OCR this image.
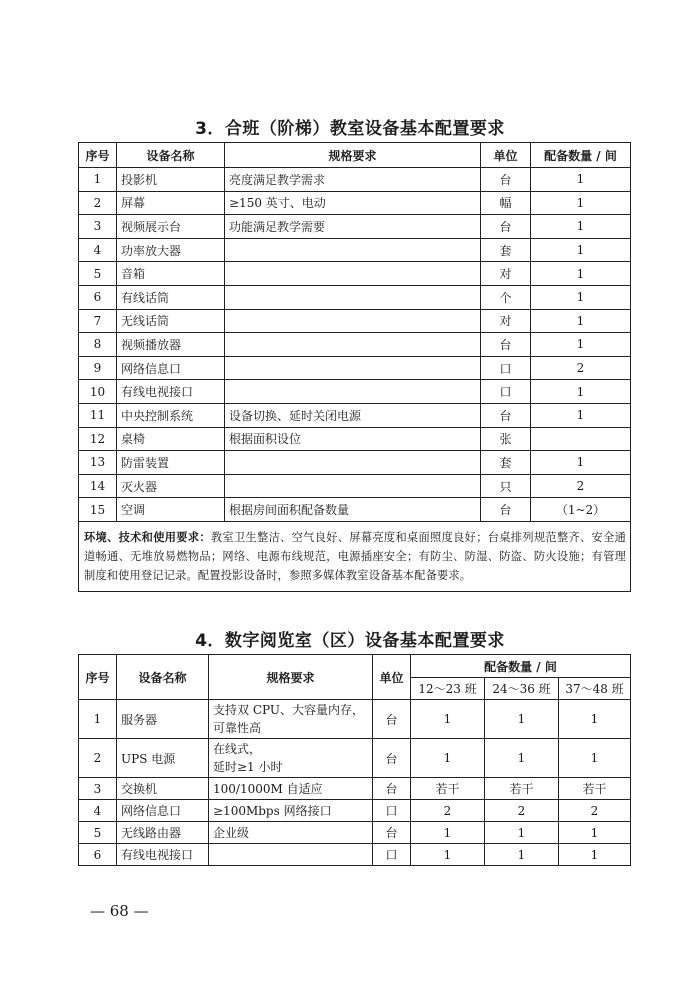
3．合班（阶梯）教室设备基本配置要求
序号	设备名称	规格要求	单位	配备数量 / 间
1	投影机	亮度满足教学需求	台	1
2	屏幕	≥150 英寸、电动	幅	1
3	视频展示台	功能满足教学需要	台	1
4	功率放大器		套	1
5	音箱		对	1
6	有线话筒		个	1
7	无线话筒		对	1
8	视频播放器		台	1
9	网络信息口		口	2
10	有线电视接口		口	1
11	中央控制系统	设备切换、延时关闭电源	台	1
12	桌椅	根据面积设位	张	
13	防雷装置		套	1
14	灭火器		只	2
15	空调	根据房间面积配备数量	台	（1~2）
环境、技术和使用要求：教室卫生整洁、空气良好、屏幕亮度和桌面照度良好；台桌排列规范整齐、安全通道畅通、无堆放易燃物品；网络、电源布线规范，电源插座安全；有防尘、防湿、防盗、防火设施；有管理制度和使用登记记录。配置投影设备时，参照多媒体教室设备基本配备要求。				
4．数字阅览室（区）设备基本配置要求
序号	设备名称	规格要求	单位	配备数量 / 间		
				12～23 班	24～36 班	37～48 班
1	服务器	支持双 CPU、大容量内存，
可靠性高	台	1	1	1
2	UPS 电源	在线式，
延时≥1 小时	台	1	1	1
3	交换机	100/1000M 自适应	台	若干	若干	若干
4	网络信息口	≥100Mbps 网络接口	口	2	2	2
5	无线路由器	企业级	台	1	1	1
6	有线电视接口		口	1	1	1
— 68 —
